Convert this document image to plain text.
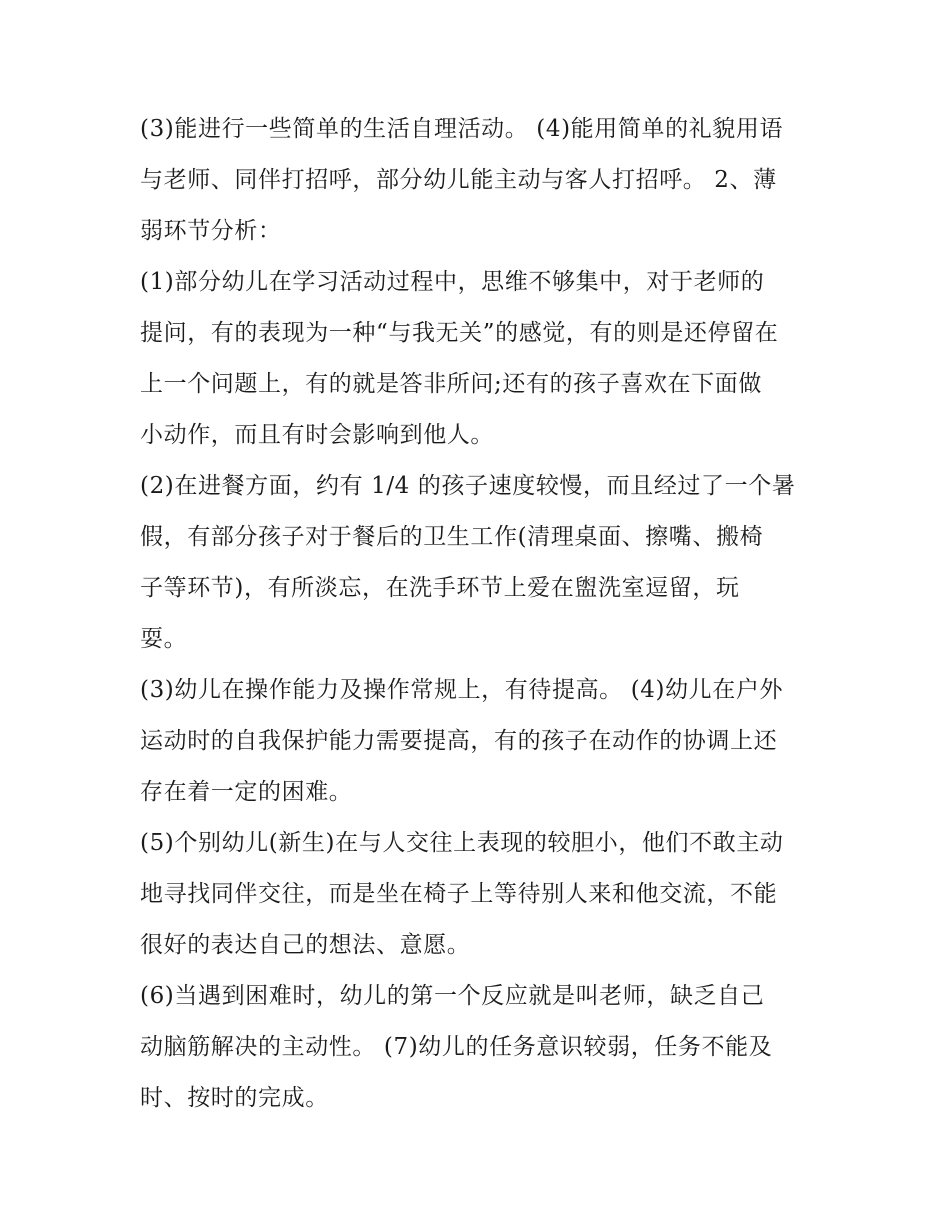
(3)能进行一些简单的生活自理活动。 (4)能用简单的礼貌用语
与老师、同伴打招呼，部分幼儿能主动与客人打招呼。 2、薄
弱环节分析：
(1)部分幼儿在学习活动过程中，思维不够集中，对于老师的
提问，有的表现为一种“与我无关”的感觉，有的则是还停留在
上一个问题上，有的就是答非所问;还有的孩子喜欢在下面做
小动作，而且有时会影响到他人。
(2)在进餐方面，约有 1/4 的孩子速度较慢，而且经过了一个暑
假，有部分孩子对于餐后的卫生工作(清理桌面、擦嘴、搬椅
子等环节)，有所淡忘，在洗手环节上爱在盥洗室逗留，玩
耍。
(3)幼儿在操作能力及操作常规上，有待提高。 (4)幼儿在户外
运动时的自我保护能力需要提高，有的孩子在动作的协调上还
存在着一定的困难。
(5)个别幼儿(新生)在与人交往上表现的较胆小，他们不敢主动
地寻找同伴交往，而是坐在椅子上等待别人来和他交流，不能
很好的表达自己的想法、意愿。
(6)当遇到困难时，幼儿的第一个反应就是叫老师，缺乏自己
动脑筋解决的主动性。 (7)幼儿的任务意识较弱，任务不能及
时、按时的完成。
